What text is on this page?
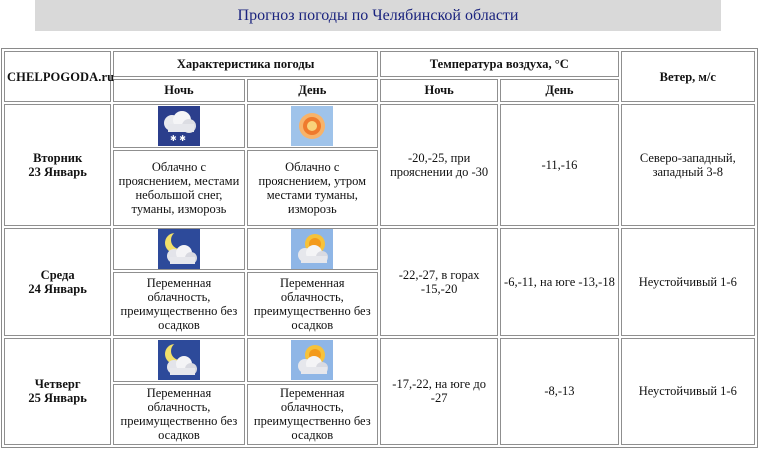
Прогноз погоды по Челябинской области
CHELPOGODA.ru	Характеристика погоды		Температура воздуха, °С		Ветер, м/с
	Ночь	День	Ночь	День	
Вторник
23 Январь	✱ ✱		-20,-25, при прояснении до -30	-11,-16	Северо-западный, западный 3-8
	Облачно с прояснением, местами небольшой снег, туманы, изморозь	Облачно с прояснением, утром местами туманы, изморозь			
Среда
24 Январь			-22,-27, в горах -15,-20	-6,-11, на юге -13,-18	Неустойчивый 1-6
	Переменная облачность, преимущественно без осадков	Переменная облачность, преимущественно без осадков			
Четверг
25 Январь			-17,-22, на юге до -27	-8,-13	Неустойчивый 1-6
	Переменная облачность, преимущественно без осадков	Переменная облачность, преимущественно без осадков			
